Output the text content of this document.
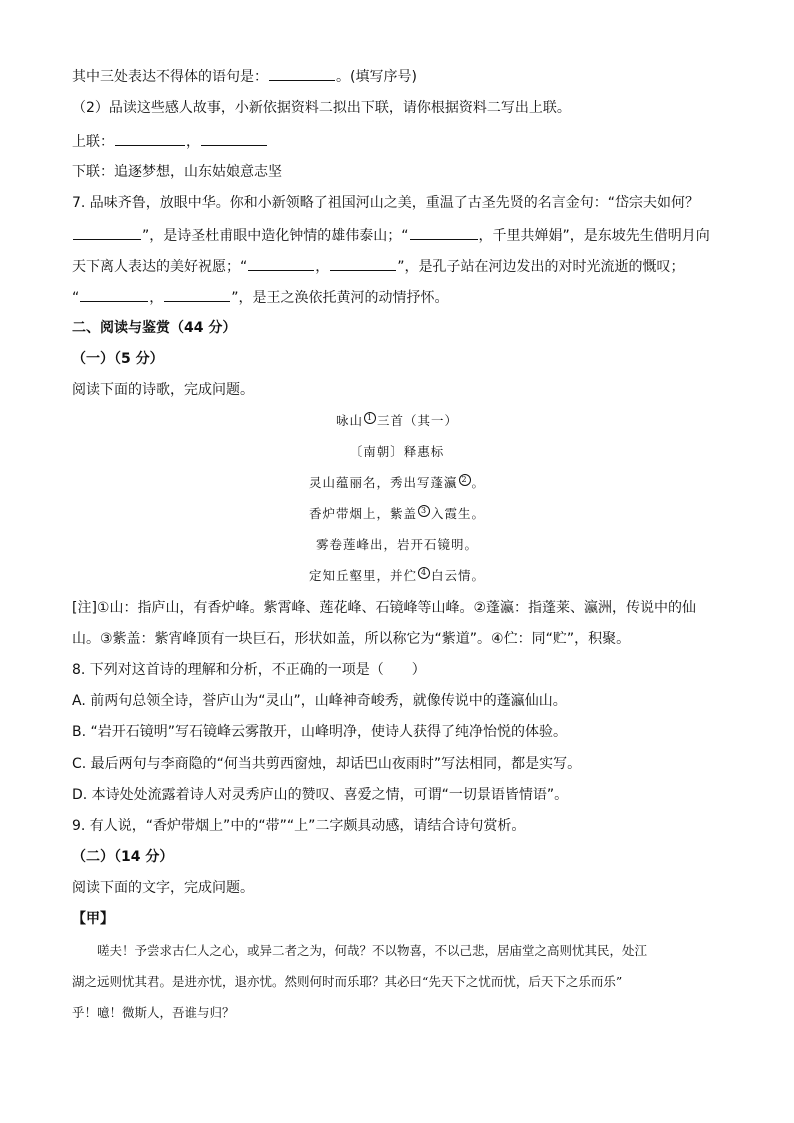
其中三处表达不得体的语句是：	。(填写序号)
（2）品读这些感人故事，小新依据资料二拟出下联，请你根据资料二写出上联。
上联：	，
下联：追逐梦想，山东姑娘意志坚
7. 品味齐鲁，放眼中华。你和小新领略了祖国河山之美，重温了古圣先贤的名言金句：“岱宗夫如何？
”，是诗圣杜甫眼中造化钟情的雄伟泰山；“	，千里共婵娟”，是东坡先生借明月向
天下离人表达的美好祝愿；“	，	”，是孔子站在河边发出的对时光流逝的慨叹；
“	，	”，是王之涣依托黄河的动情抒怀。
二、阅读与鉴赏（44 分）
（一）（5 分）
阅读下面的诗歌，完成问题。
咏山 1 三首（其一）
〔南朝〕释惠标
灵山蕴丽名，秀出写蓬瀛 2 。
香炉带烟上，紫盖 3 入霞生。
雾卷莲峰出，岩开石镜明。
定知丘壑里，并伫 4 白云情。
[注]①山：指庐山，有香炉峰。紫霄峰、莲花峰、石镜峰等山峰。②蓬瀛：指蓬莱、瀛洲，传说中的仙
山。③紫盖：紫宵峰顶有一块巨石，形状如盖，所以称它为“紫道”。④伫：同“贮”，积聚。
8. 下列对这首诗的理解和分析，不正确的一项是（　　）
A. 前两句总领全诗，誉庐山为“灵山”，山峰神奇峻秀，就像传说中的蓬瀛仙山。
B. “岩开石镜明”写石镜峰云雾散开，山峰明净，使诗人获得了纯净怡悦的体验。
C. 最后两句与李商隐的“何当共剪西窗烛，却话巴山夜雨时”写法相同，都是实写。
D. 本诗处处流露着诗人对灵秀庐山的赞叹、喜爱之情，可谓“一切景语皆情语”。
9. 有人说，“香炉带烟上”中的“带”“上”二字颇具动感，请结合诗句赏析。
（二）（14 分）
阅读下面的文字，完成问题。
【甲】
　　嗟夫！予尝求古仁人之心，或异二者之为，何哉？不以物喜，不以己悲，居庙堂之高则忧其民，处江
湖之远则忧其君。是进亦忧，退亦忧。然则何时而乐耶？其必曰“先天下之忧而忧，后天下之乐而乐”
乎！噫！微斯人，吾谁与归？
